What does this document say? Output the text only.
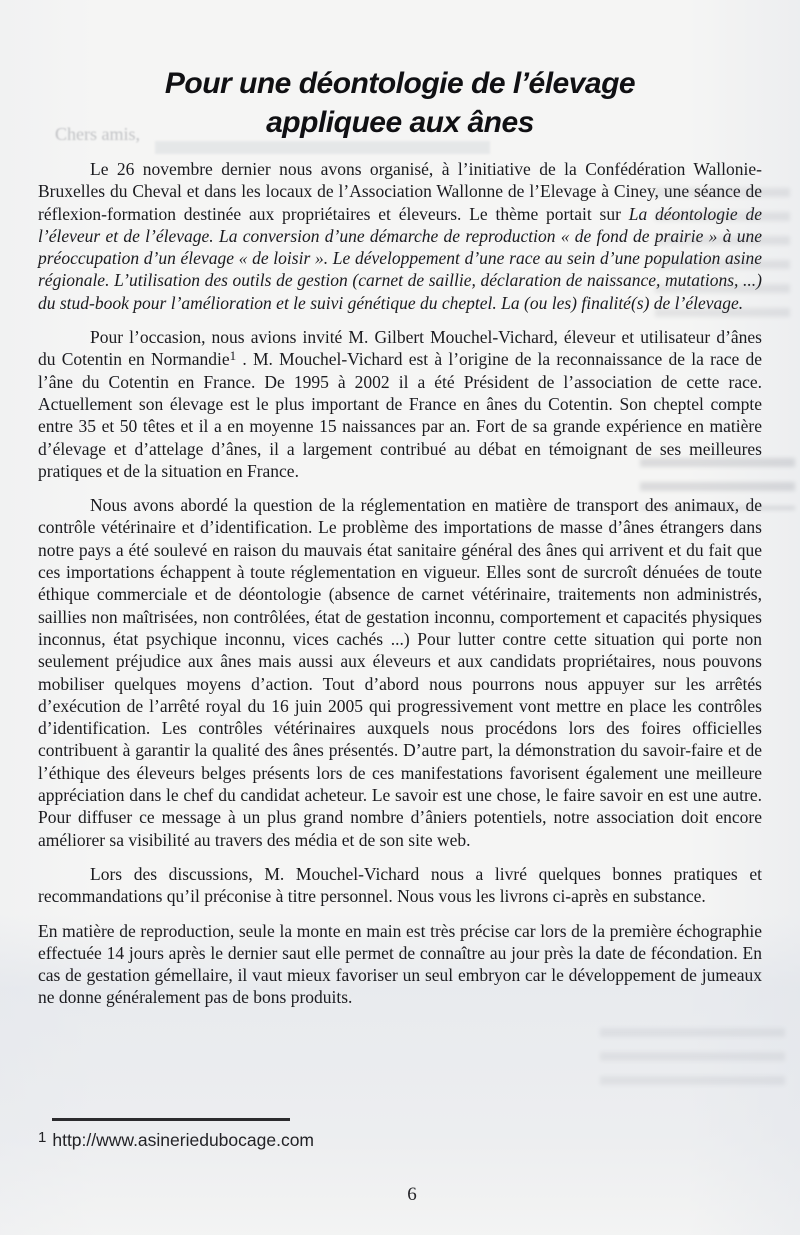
Chers amis,
Pour une déontologie de l’élevage
appliquee aux ânes

Le 26 novembre dernier nous avons organisé, à l’initiative de la Confédération Wallonie-Bruxelles du Cheval et dans les locaux de l’Association Wallonne de l’Elevage à Ciney, une séance de réflexion-formation destinée aux propriétaires et éleveurs. Le thème portait sur La déontologie de l’éleveur et de l’élevage. La conversion d’une démarche de reproduction « de fond de prairie » à une préoccupation d’un élevage « de loisir ». Le développement d’une race au sein d’une population asine régionale. L’utilisation des outils de gestion (carnet de saillie, déclaration de naissance, mutations, ...) du stud-book pour l’amélioration et le suivi génétique du cheptel. La (ou les) finalité(s) de l’élevage.

Pour l’occasion, nous avions invité M. Gilbert Mouchel-Vichard, éleveur et utilisateur d’ânes du Cotentin en Normandie$^1$ . M. Mouchel-Vichard est à l’origine de la reconnaissance de la race de l’âne du Cotentin en France. De 1995 à 2002 il a été Président de l’association de cette race. Actuellement son élevage est le plus important de France en ânes du Cotentin. Son cheptel compte entre 35 et 50 têtes et il a en moyenne 15 naissances par an. Fort de sa grande expérience en matière d’élevage et d’attelage d’ânes, il a largement contribué au débat en témoignant de ses meilleures pratiques et de la situation en France.

Nous avons abordé la question de la réglementation en matière de transport des animaux, de contrôle vétérinaire et d’identification. Le problème des importations de masse d’ânes étrangers dans notre pays a été soulevé en raison du mauvais état sanitaire général des ânes qui arrivent et du fait que ces importations échappent à toute réglementation en vigueur. Elles sont de surcroît dénuées de toute éthique commerciale et de déontologie (absence de carnet vétérinaire, traitements non administrés, saillies non maîtrisées, non contrôlées, état de gestation inconnu, comportement et capacités physiques inconnus, état psychique inconnu, vices cachés ...) Pour lutter contre cette situation qui porte non seulement préjudice aux ânes mais aussi aux éleveurs et aux candidats propriétaires, nous pouvons mobiliser quelques moyens d’action. Tout d’abord nous pourrons nous appuyer sur les arrêtés d’exécution de l’arrêté royal du 16 juin 2005 qui progressivement vont mettre en place les contrôles d’identification. Les contrôles vétérinaires auxquels nous procédons lors des foires officielles contribuent à garantir la qualité des ânes présentés. D’autre part, la démonstration du savoir-faire et de l’éthique des éleveurs belges présents lors de ces manifestations favorisent également une meilleure appréciation dans le chef du candidat acheteur. Le savoir est une chose, le faire savoir en est une autre. Pour diffuser ce message à un plus grand nombre d’âniers potentiels, notre association doit encore améliorer sa visibilité au travers des média et de son site web.

Lors des discussions, M. Mouchel-Vichard nous a livré quelques bonnes pratiques et recommandations qu’il préconise à titre personnel. Nous vous les livrons ci-après en substance.

En matière de reproduction, seule la monte en main est très précise car lors de la première échographie effectuée 14 jours après le dernier saut elle permet de connaître au jour près la date de fécondation. En cas de gestation gémellaire, il vaut mieux favoriser un seul embryon car le développement de jumeaux ne donne généralement pas de bons produits.

1 http://www.asineriedubocage.com
6
